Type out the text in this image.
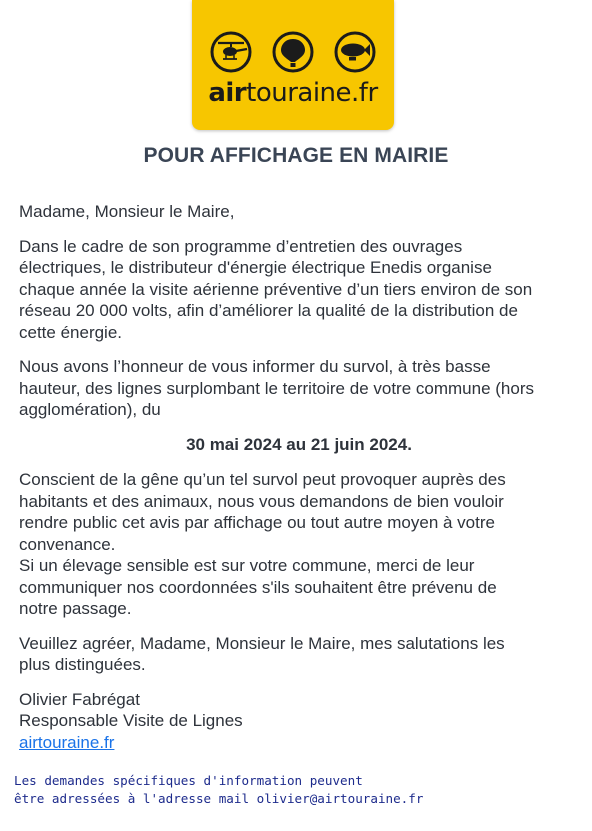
airtouraine.fr
POUR AFFICHAGE EN MAIRIE

Madame, Monsieur le Maire,

Dans le cadre de son programme d’entretien des ouvrages
électriques, le distributeur d'énergie électrique Enedis organise
chaque année la visite aérienne préventive d’un tiers environ de son
réseau 20 000 volts, afin d’améliorer la qualité de la distribution de
cette énergie.

Nous avons l’honneur de vous informer du survol, à très basse
hauteur, des lignes surplombant le territoire de votre commune (hors
agglomération), du

30 mai 2024 au 21 juin 2024.

Conscient de la gêne qu’un tel survol peut provoquer auprès des
habitants et des animaux, nous vous demandons de bien vouloir
rendre public cet avis par affichage ou tout autre moyen à votre
convenance.
Si un élevage sensible est sur votre commune, merci de leur
communiquer nos coordonnées s'ils souhaitent être prévenu de
notre passage.

Veuillez agréer, Madame, Monsieur le Maire, mes salutations les
plus distinguées.

Olivier Fabrégat
Responsable Visite de Lignes
airtouraine.fr

Les demandes spécifiques d'information peuvent
être adressées à l'adresse mail olivier@airtouraine.fr
